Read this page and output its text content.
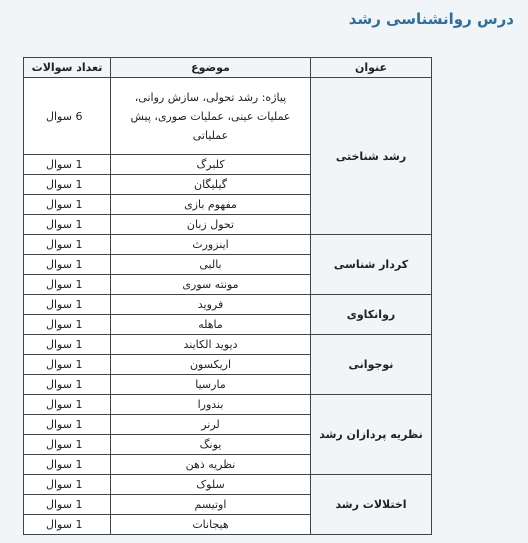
درس روانشناسی رشد
عنوان	موضوع	تعداد سوالات
رشد شناختی	پیاژه: رشد تحولی، سازش روانی، عملیات عینی، عملیات صوری، پیش عملیاتی	6 سوال
	کلبرگ	1 سوال
	گیلیگان	1 سوال
	مفهوم بازی	1 سوال
	تحول زبان	1 سوال
کردار شناسی	اینزورث	1 سوال
	بالبی	1 سوال
	مونته سوری	1 سوال
روانکاوی	فروید	1 سوال
	ماهله	1 سوال
نوجوانی	دیوید الکایند	1 سوال
	اریکسون	1 سوال
	مارسیا	1 سوال
نظریه پردازان رشد	بندورا	1 سوال
	لرنر	1 سوال
	یونگ	1 سوال
	نظریه ذهن	1 سوال
اختلالات رشد	سلوک	1 سوال
	اوتیسم	1 سوال
	هیجانات	1 سوال
